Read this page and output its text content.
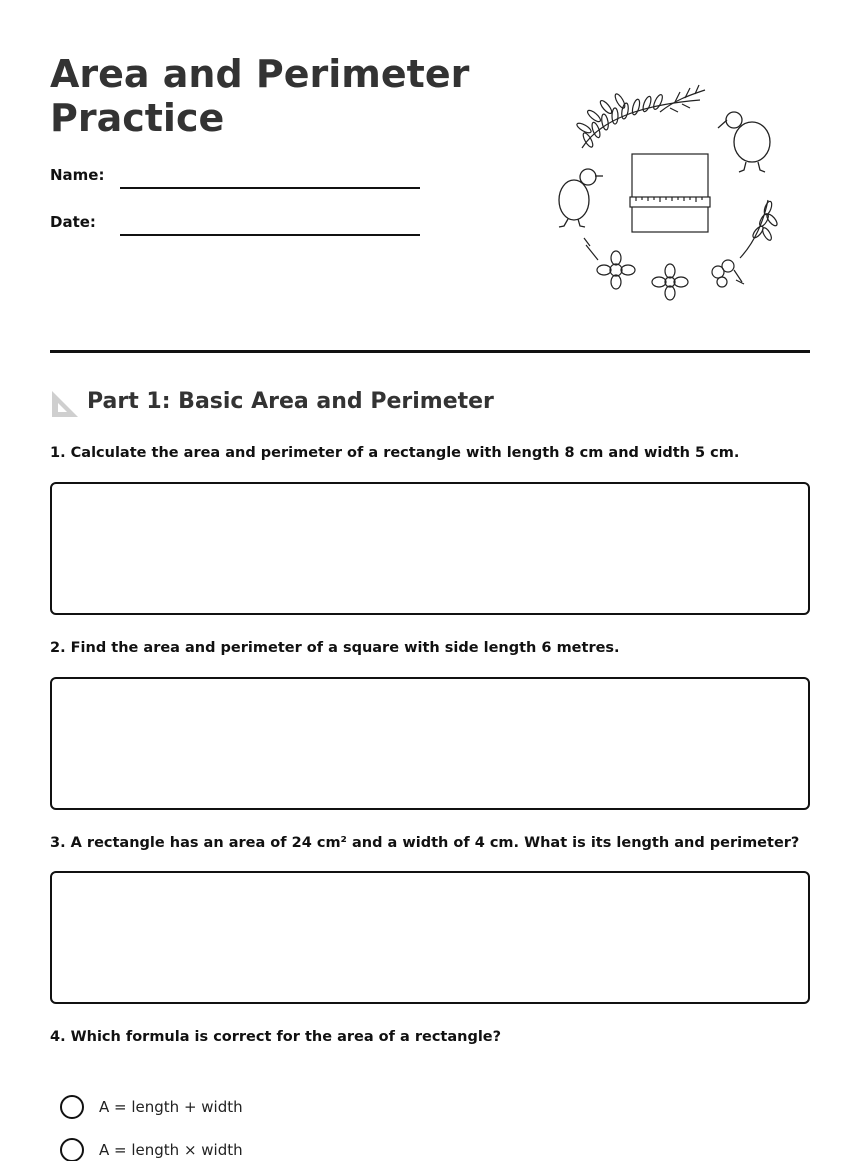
Area and Perimeter Practice
Name:
Date:
Part 1: Basic Area and Perimeter
1. Calculate the area and perimeter of a rectangle with length 8 cm and width 5 cm.
2. Find the area and perimeter of a square with side length 6 metres.
3. A rectangle has an area of 24 cm² and a width of 4 cm. What is its length and perimeter?
4. Which formula is correct for the area of a rectangle?
A = length + width
A = length × width
